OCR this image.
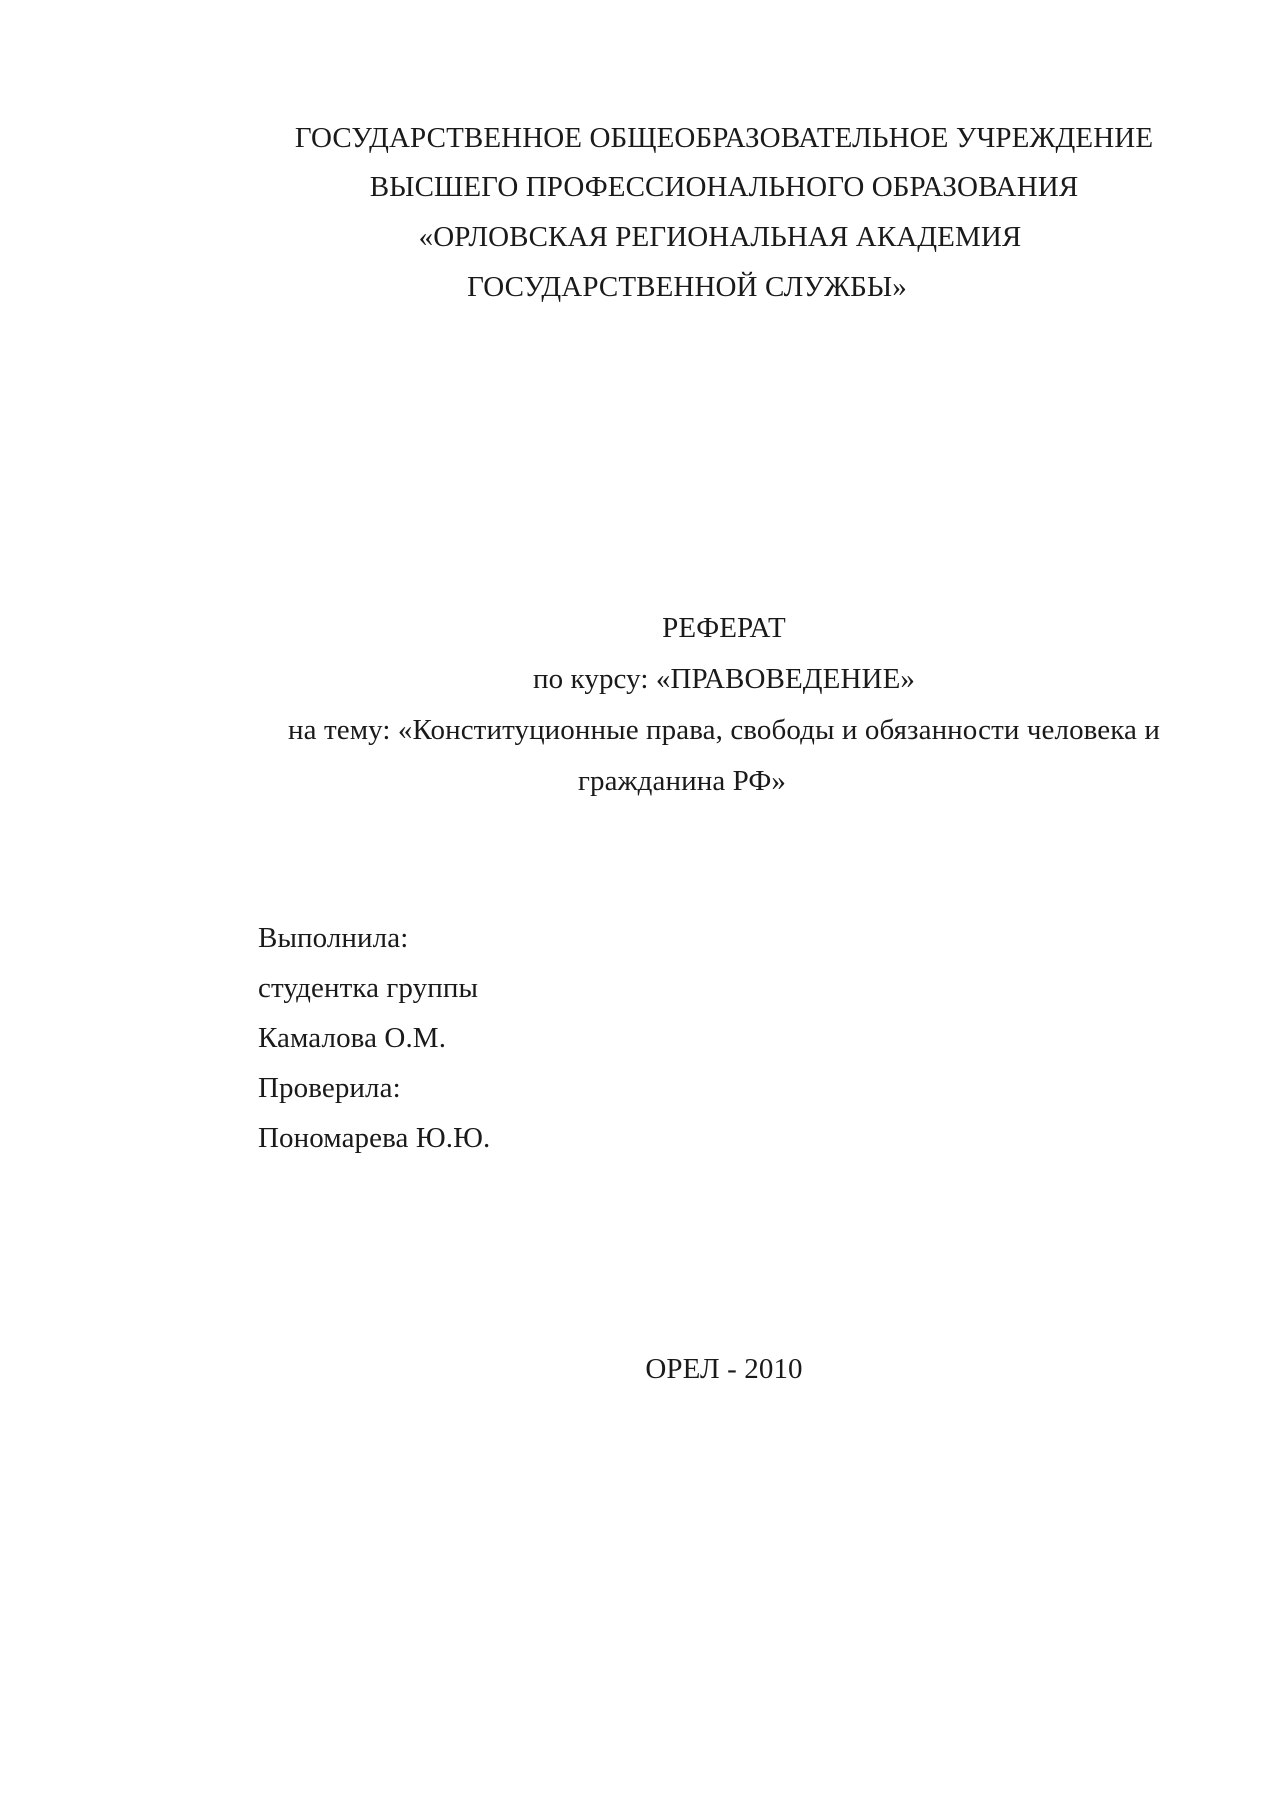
ГОСУДАРСТВЕННОЕ ОБЩЕОБРАЗОВАТЕЛЬНОЕ УЧРЕЖДЕНИЕ
ВЫСШЕГО ПРОФЕССИОНАЛЬНОГО ОБРАЗОВАНИЯ
«ОРЛОВСКАЯ РЕГИОНАЛЬНАЯ АКАДЕМИЯ
ГОСУДАРСТВЕННОЙ СЛУЖБЫ»
РЕФЕРАТ
по курсу: «ПРАВОВЕДЕНИЕ»
на тему: «Конституционные права, свободы и обязанности человека и
гражданина РФ»
Выполнила:
студентка группы
Камалова О.М.
Проверила:
Пономарева Ю.Ю.
ОРЕЛ - 2010
